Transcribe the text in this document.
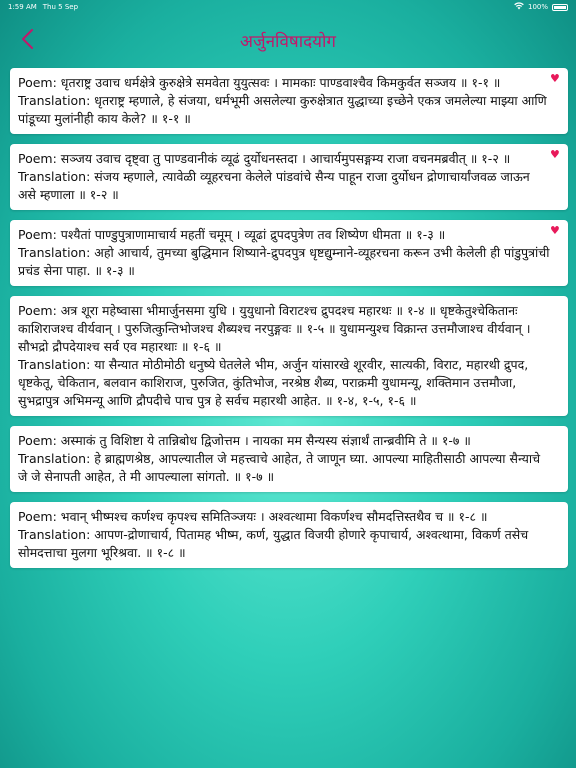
1:59 AM Thu 5 Sep	100%
अर्जुनविषादयोग
♥

Poem: धृतराष्ट्र उवाच धर्मक्षेत्रे कुरुक्षेत्रे समवेता युयुत्सवः । मामकाः पाण्डवाश्चैव किमकुर्वत सञ्जय ॥ १-१ ॥

Translation: धृतराष्ट्र म्हणाले, हे संजया, धर्मभूमी असलेल्या कुरुक्षेत्रात युद्धाच्या इच्छेने एकत्र जमलेल्या माझ्या आणि पांडूच्या मुलांनीही काय केले? ॥ १-१ ॥

♥

Poem: सञ्जय उवाच दृष्ट्वा तु पाण्डवानीकं व्यूढं दुर्योधनस्तदा । आचार्यमुपसङ्गम्य राजा वचनमब्रवीत् ॥ १-२ ॥

Translation: संजय म्हणाले, त्यावेळी व्यूहरचना केलेले पांडवांचे सैन्य पाहून राजा दुर्योधन द्रोणाचार्यांजवळ जाऊन असे म्हणाला ॥ १-२ ॥

♥

Poem: पश्यैतां पाण्डुपुत्राणामाचार्य महतीं चमूम् । व्यूढां द्रुपदपुत्रेण तव शिष्येण धीमता ॥ १-३ ॥

Translation: अहो आचार्य, तुमच्या बुद्धिमान शिष्याने-द्रुपदपुत्र धृष्टद्युम्नाने-व्यूहरचना करून उभी केलेली ही पांडुपुत्रांची प्रचंड सेना पाहा. ॥ १-३ ॥

Poem: अत्र शूरा महेष्वासा भीमार्जुनसमा युधि । युयुधानो विराटश्च द्रुपदश्च महारथः ॥ १-४ ॥ धृष्टकेतुश्चेकितानः काशिराजश्च वीर्यवान् । पुरुजित्कुन्तिभोजश्च शैब्यश्च नरपुङ्गवः ॥ १-५ ॥ युधामन्युश्च विक्रान्त उत्तमौजाश्च वीर्यवान् । सौभद्रो द्रौपदेयाश्च सर्व एव महारथाः ॥ १-६ ॥

Translation: या सैन्यात मोठीमोठी धनुष्ये घेतलेले भीम, अर्जुन यांसारखे शूरवीर, सात्यकी, विराट, महारथी द्रुपद, धृष्टकेतू, चेकितान, बलवान काशिराज, पुरुजित, कुंतिभोज, नरश्रेष्ठ शैब्य, पराक्रमी युधामन्यू, शक्तिमान उत्तमौजा, सुभद्रापुत्र अभिमन्यू आणि द्रौपदीचे पाच पुत्र हे सर्वच महारथी आहेत. ॥ १-४, १-५, १-६ ॥

Poem: अस्माकं तु विशिष्टा ये तान्निबोध द्विजोत्तम । नायका मम सैन्यस्य संज्ञार्थं तान्ब्रवीमि ते ॥ १-७ ॥

Translation: हे ब्राह्मणश्रेष्ठ, आपल्यातील जे महत्त्वाचे आहेत, ते जाणून घ्या. आपल्या माहितीसाठी आपल्या सैन्याचे जे जे सेनापती आहेत, ते मी आपल्याला सांगतो. ॥ १-७ ॥

Poem: भवान् भीष्मश्च कर्णश्च कृपश्च समितिञ्जयः । अश्वत्थामा विकर्णश्च सौमदत्तिस्तथैव च ॥ १-८ ॥

Translation: आपण-द्रोणाचार्य, पितामह भीष्म, कर्ण, युद्धात विजयी होणारे कृपाचार्य, अश्वत्थामा, विकर्ण तसेच सोमदत्ताचा मुलगा भूरिश्रवा. ॥ १-८ ॥
